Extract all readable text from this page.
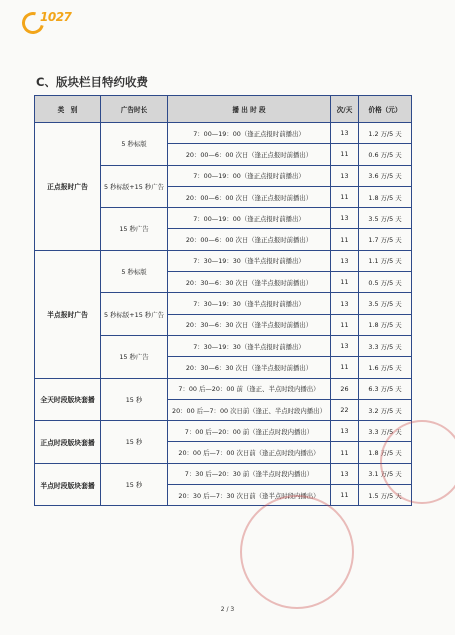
1027
C、版块栏目特约收费
类　别	广告时长	播 出 时 段	次/天	价格（元）
正点报时广告	5 秒标版	7：00—19：00（逢正点报时前播出）	13	1.2 万/5 天
		20：00—6：00 次日（逢正点报时前播出）	11	0.6 万/5 天
	5 秒标版+15 秒广告	7：00—19：00（逢正点报时前播出）	13	3.6 万/5 天
		20：00—6：00 次日（逢正点报时前播出）	11	1.8 万/5 天
	15 秒广告	7：00—19：00（逢正点报时前播出）	13	3.5 万/5 天
		20：00—6：00 次日（逢正点报时前播出）	11	1.7 万/5 天
半点报时广告	5 秒标版	7：30—19：30（逢半点报时前播出）	13	1.1 万/5 天
		20：30—6：30 次日（逢半点报时前播出）	11	0.5 万/5 天
	5 秒标版+15 秒广告	7：30—19：30（逢半点报时前播出）	13	3.5 万/5 天
		20：30—6：30 次日（逢半点报时前播出）	11	1.8 万/5 天
	15 秒广告	7：30—19：30（逢半点报时前播出）	13	3.3 万/5 天
		20：30—6：30 次日（逢半点报时前播出）	11	1.6 万/5 天
全天时段版块套播	15 秒	7：00 后—20：00 前（逢正、半点时段内播出）	26	6.3 万/5 天
		20：00 后—7：00 次日前（逢正、半点时段内播出）	22	3.2 万/5 天
正点时段版块套播	15 秒	7：00 后—20：00 前（逢正点时段内播出）	13	3.3 万/5 天
		20：00 后—7：00 次日前（逢正点时段内播出）	11	1.8 万/5 天
半点时段版块套播	15 秒	7：30 后—20：30 前（逢半点时段内播出）	13	3.1 万/5 天
		20：30 后—7：30 次日前（逢半点时段内播出）	11	1.5 万/5 天
2 / 3
